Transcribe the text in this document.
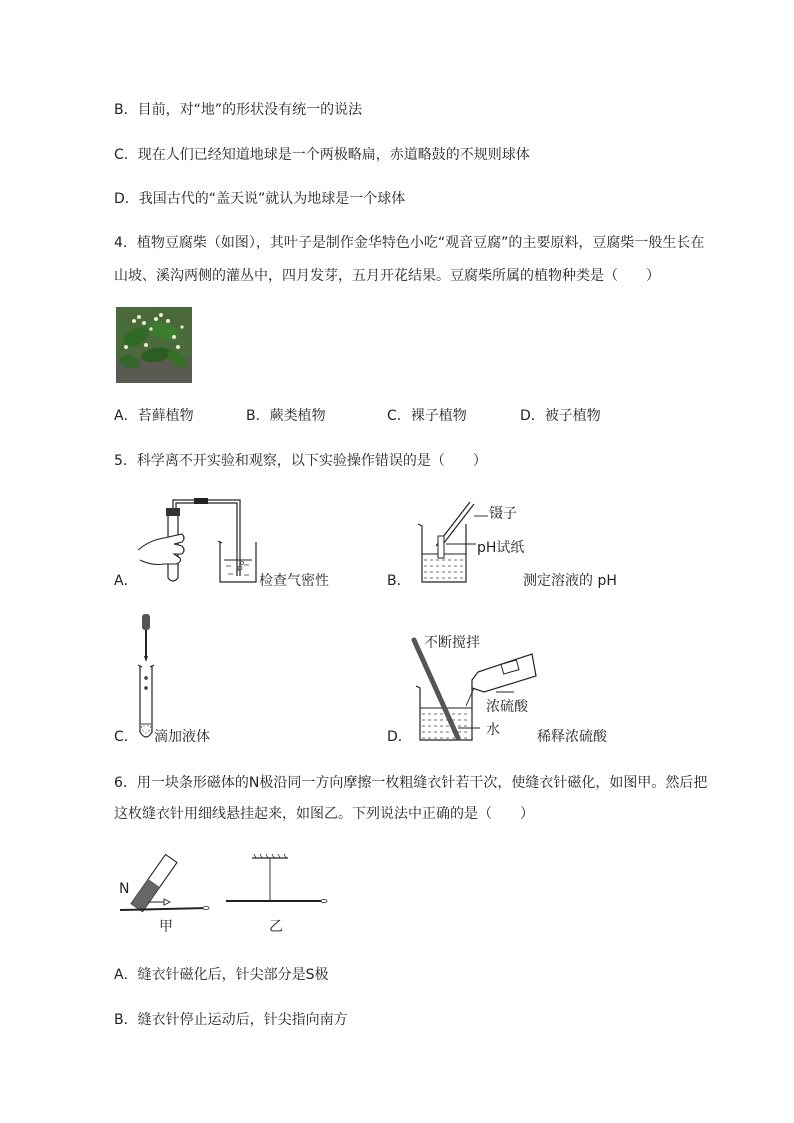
B．目前，对“地”的形状没有统一的说法
C．现在人们已经知道地球是一个两极略扁，赤道略鼓的不规则球体
D．我国古代的“盖天说”就认为地球是一个球体
4．植物豆腐柴（如图），其叶子是制作金华特色小吃“观音豆腐”的主要原料，豆腐柴一般生长在
山坡、溪沟两侧的灌丛中，四月发芽，五月开花结果。豆腐柴所属的植物种类是（　　）
A．苔藓植物	B．蕨类植物	C．裸子植物	D．被子植物
5．科学离不开实验和观察，以下实验操作错误的是（　　）
A．	检查气密性	B．
镊子
pH试纸
测定溶液的 pH
C． 滴加液体	D．
不断搅拌
浓硫酸
水	稀释浓硫酸
6．用一块条形磁体的N极沿同一方向摩擦一枚粗缝衣针若干次，使缝衣针磁化，如图甲。然后把
这枚缝衣针用细线悬挂起来，如图乙。下列说法中正确的是（　　）
N
甲	乙
A．缝衣针磁化后，针尖部分是S极
B．缝衣针停止运动后，针尖指向南方
